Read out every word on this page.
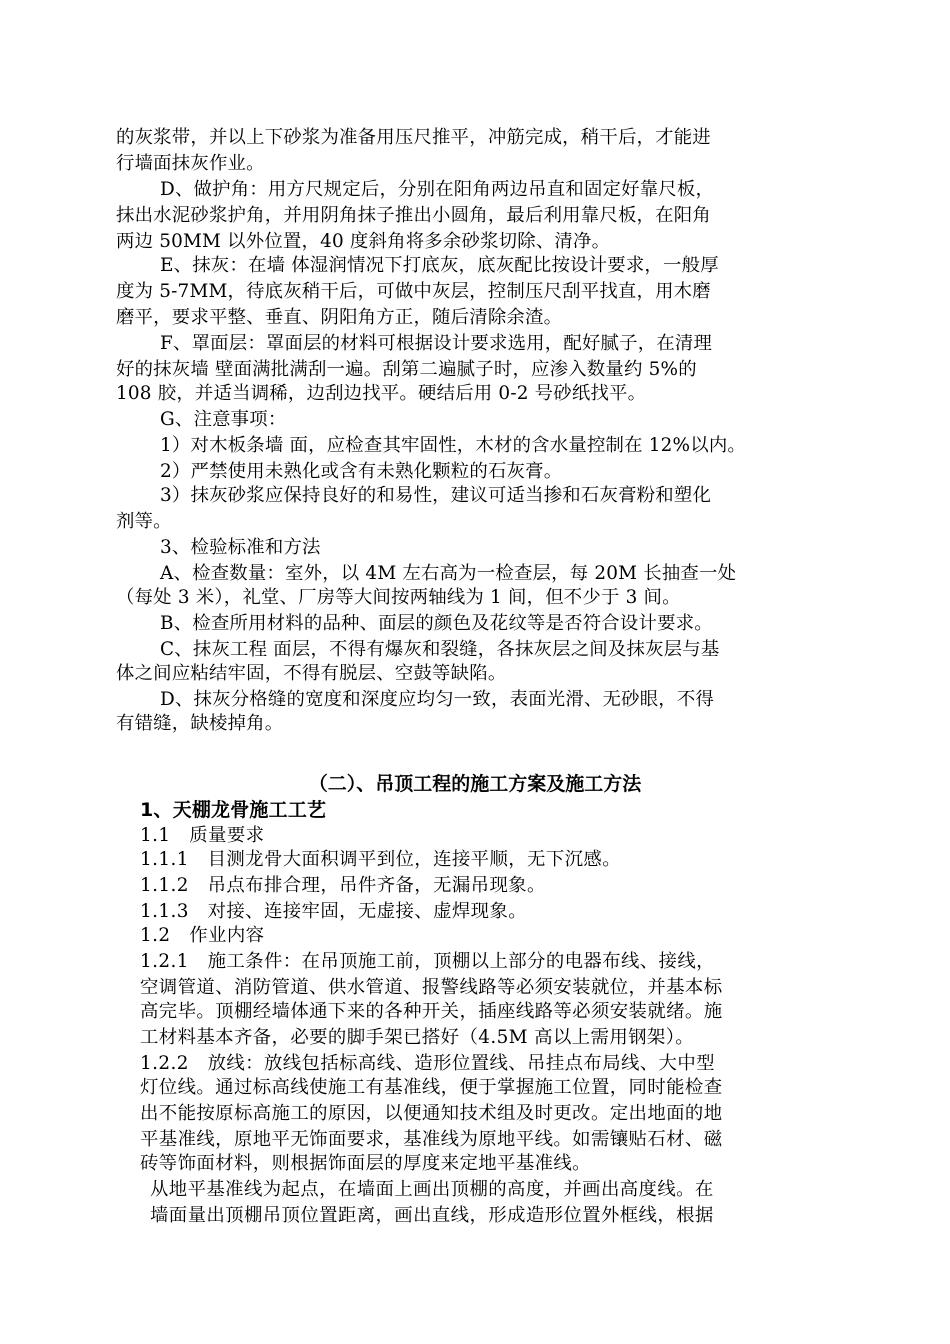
的灰浆带，并以上下砂浆为准备用压尺推平，冲筋完成，稍干后，才能进
行墙面抹灰作业。
D、做护角：用方尺规定后，分别在阳角两边吊直和固定好靠尺板，
抹出水泥砂浆护角，并用阴角抹子推出小圆角，最后利用靠尺板，在阳角
两边 50MM 以外位置，40 度斜角将多余砂浆切除、清净。
E、抹灰：在墙 体湿润情况下打底灰，底灰配比按设计要求，一般厚
度为 5-7MM，待底灰稍干后，可做中灰层，控制压尺刮平找直，用木磨
磨平，要求平整、垂直、阴阳角方正，随后清除余渣。
F、罩面层：罩面层的材料可根据设计要求选用，配好腻子，在清理
好的抹灰墙 壁面满批满刮一遍。刮第二遍腻子时，应渗入数量约 5%的
108 胶，并适当调稀，边刮边找平。硬结后用 0-2 号砂纸找平。
G、注意事项：
1）对木板条墙 面，应检查其牢固性，木材的含水量控制在 12%以内。
2）严禁使用未熟化或含有未熟化颗粒的石灰膏。
3）抹灰砂浆应保持良好的和易性，建议可适当掺和石灰膏粉和塑化
剂等。
3、检验标准和方法
A、检查数量：室外，以 4M 左右高为一检查层，每 20M 长抽查一处
（每处 3 米），礼堂、厂房等大间按两轴线为 1 间，但不少于 3 间。
B、检查所用材料的品种、面层的颜色及花纹等是否符合设计要求。
C、抹灰工程 面层，不得有爆灰和裂缝，各抹灰层之间及抹灰层与基
体之间应粘结牢固，不得有脱层、空鼓等缺陷。
D、抹灰分格缝的宽度和深度应均匀一致，表面光滑、无砂眼，不得
有错缝，缺棱掉角。
（二）、吊顶工程的施工方案及施工方法
1、天棚龙骨施工工艺
1.1　质量要求
1.1.1　目测龙骨大面积调平到位，连接平顺，无下沉感。
1.1.2　吊点布排合理，吊件齐备，无漏吊现象。
1.1.3　对接、连接牢固，无虚接、虚焊现象。
1.2　作业内容
1.2.1　施工条件：在吊顶施工前，顶棚以上部分的电器布线、接线，
空调管道、消防管道、供水管道、报警线路等必须安装就位，并基本标
高完毕。顶棚经墙体通下来的各种开关，插座线路等必须安装就绪。施
工材料基本齐备，必要的脚手架已搭好（4.5M 高以上需用钢架）。
1.2.2　放线：放线包括标高线、造形位置线、吊挂点布局线、大中型
灯位线。通过标高线使施工有基准线，便于掌握施工位置，同时能检查
出不能按原标高施工的原因，以便通知技术组及时更改。定出地面的地
平基准线，原地平无饰面要求，基准线为原地平线。如需镶贴石材、磁
砖等饰面材料，则根据饰面层的厚度来定地平基准线。
从地平基准线为起点，在墙面上画出顶棚的高度，并画出高度线。在
墙面量出顶棚吊顶位置距离，画出直线，形成造形位置外框线，根据
